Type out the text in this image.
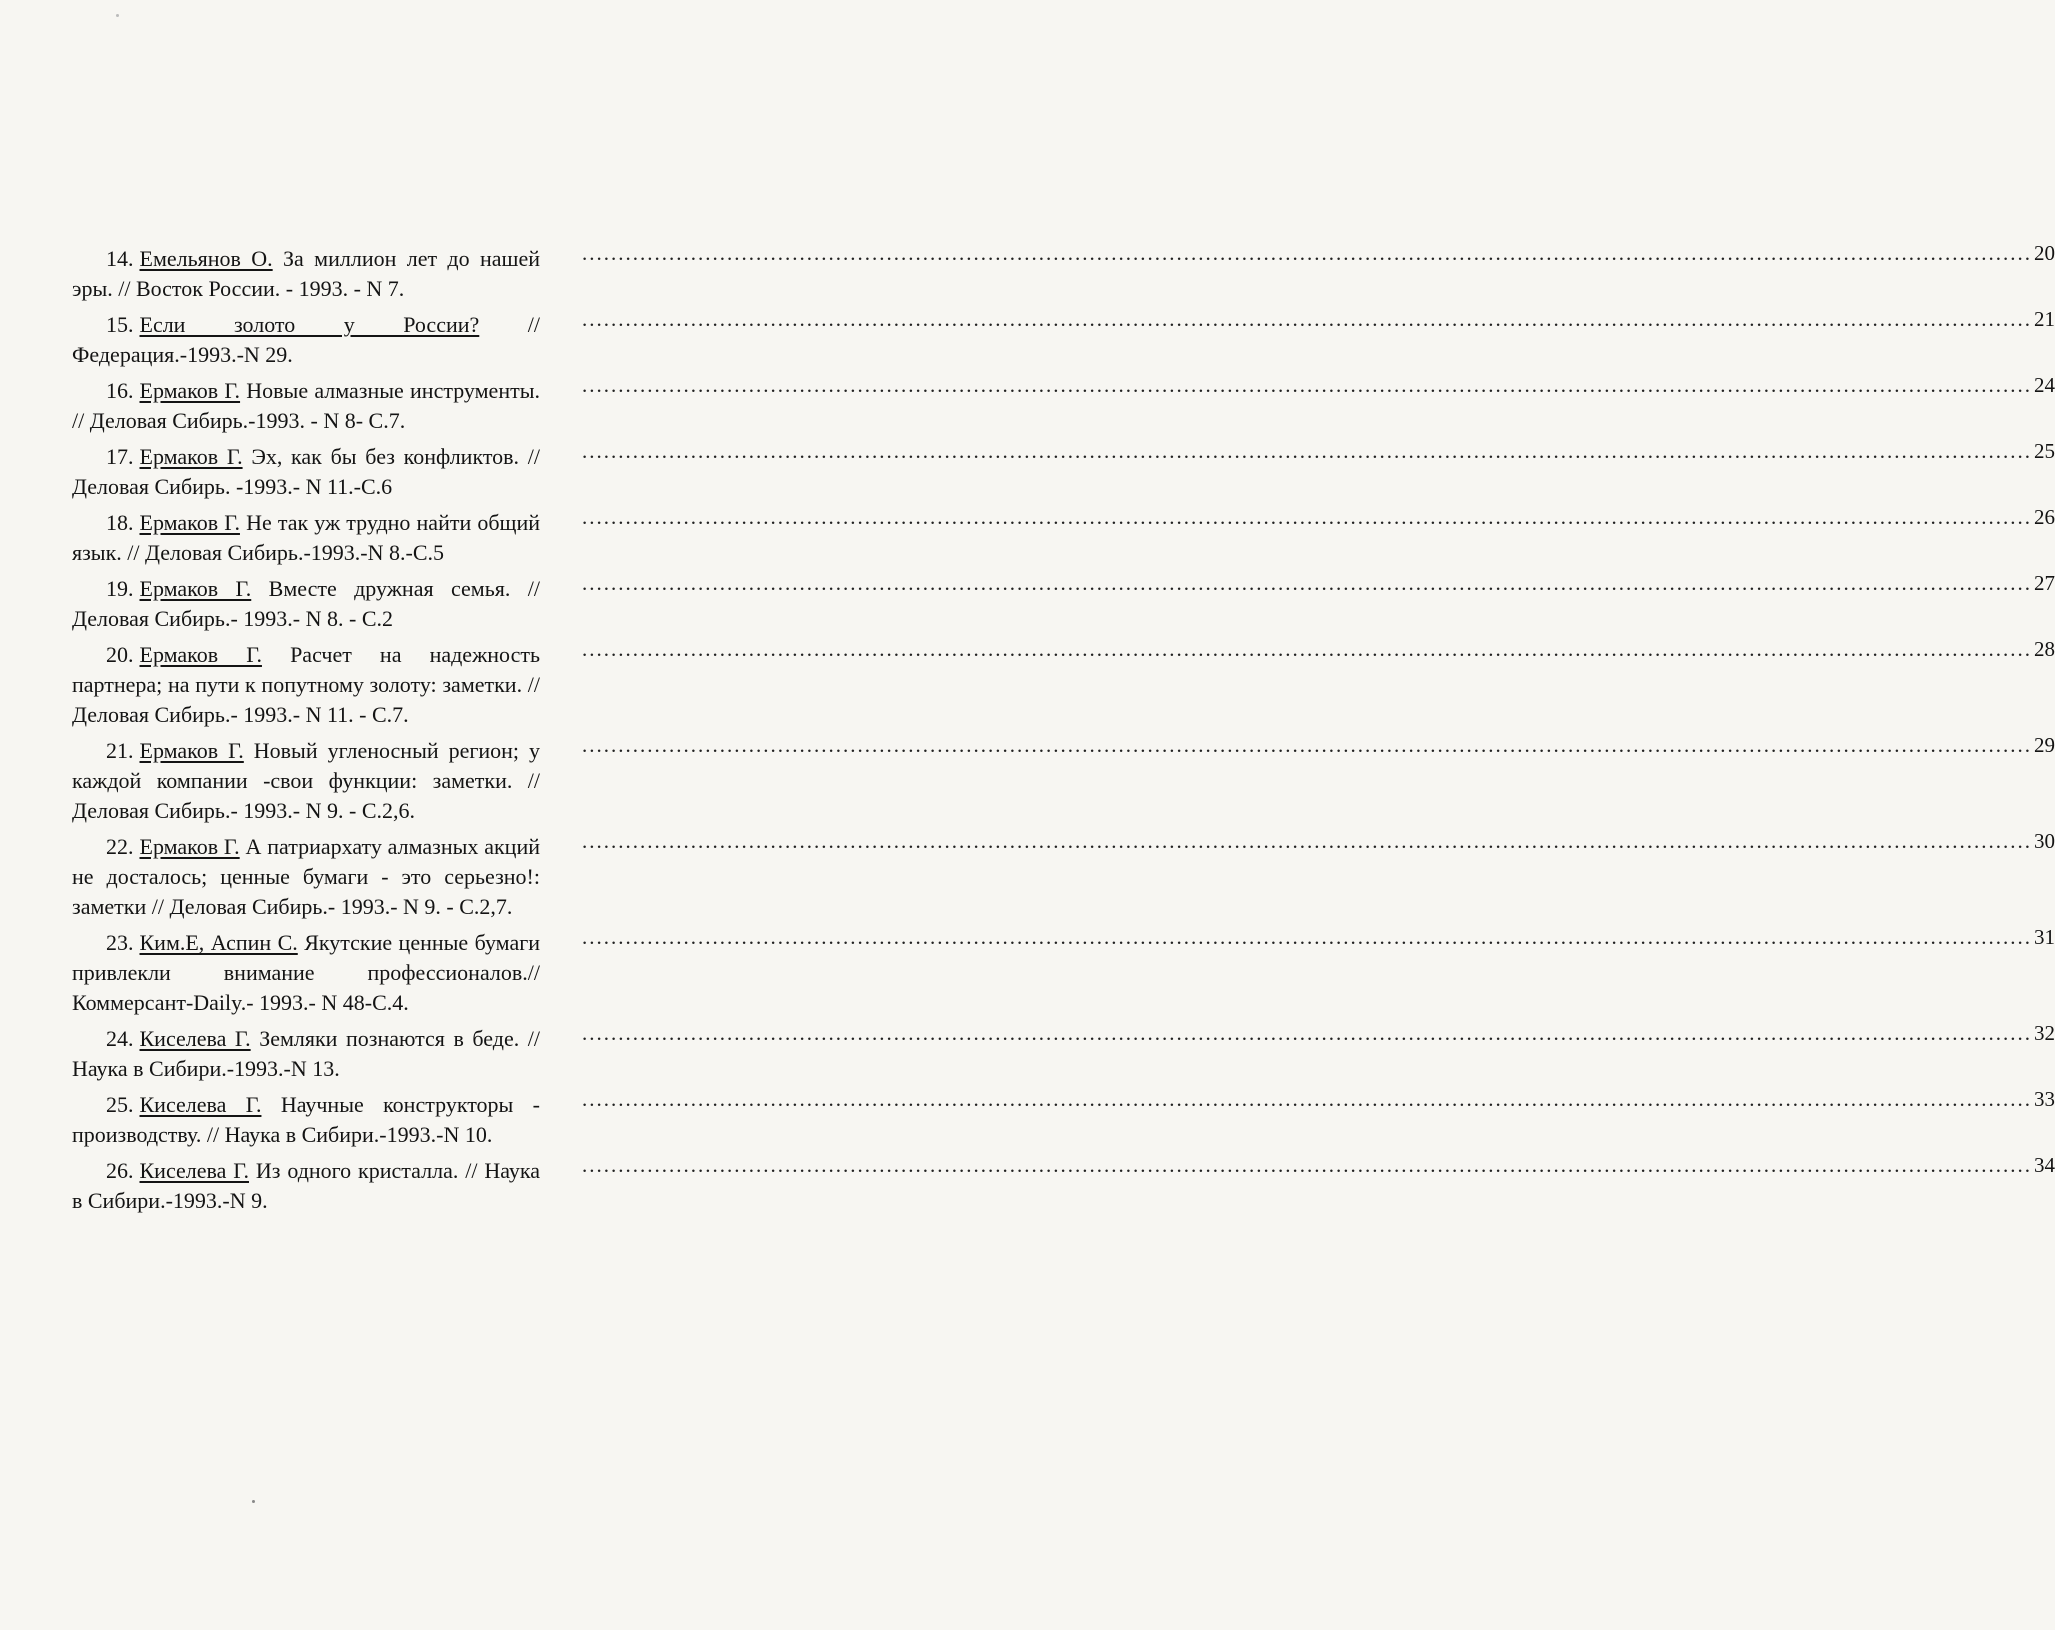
14. Емельянов О. За миллион лет до нашей эры. // Восток России. - 1993. - N 7.
........................................................................................................................................................................................................ 20
15. Если золото у России? // Федерация.-1993.-N 29.
........................................................................................................................................................................................................ 21
16. Ермаков Г. Новые алмазные инструменты. // Деловая Сибирь.-1993. - N 8- С.7.
........................................................................................................................................................................................................ 24
17. Ермаков Г. Эх, как бы без конфликтов. // Деловая Сибирь. -1993.- N 11.-С.6
........................................................................................................................................................................................................ 25
18. Ермаков Г. Не так уж трудно найти общий язык. // Деловая Сибирь.-1993.-N 8.-С.5
........................................................................................................................................................................................................ 26
19. Ермаков Г. Вместе дружная семья. // Деловая Сибирь.- 1993.- N 8. - С.2
........................................................................................................................................................................................................ 27
20. Ермаков Г. Расчет на надежность партнера; на пути к попутному золоту: заметки. // Деловая Сибирь.- 1993.- N 11. - С.7.
........................................................................................................................................................................................................ 28
21. Ермаков Г. Новый угленосный регион; у каждой компании -свои функции: заметки. // Деловая Сибирь.- 1993.- N 9. - С.2,6.
........................................................................................................................................................................................................ 29
22. Ермаков Г. А патриархату алмазных акций не досталось; ценные бумаги - это серьезно!: заметки // Деловая Сибирь.- 1993.- N 9. - С.2,7.
........................................................................................................................................................................................................ 30
23. Ким.Е, Аспин С. Якутские ценные бумаги привлекли внимание профессионалов.// Коммерсант-Daily.- 1993.- N 48-С.4.
........................................................................................................................................................................................................ 31
24. Киселева Г. Земляки познаются в беде. // Наука в Сибири.-1993.-N 13.
........................................................................................................................................................................................................ 32
25. Киселева Г. Научные конструкторы - производству. // Наука в Сибири.-1993.-N 10.
........................................................................................................................................................................................................ 33
26. Киселева Г. Из одного кристалла. // Наука в Сибири.-1993.-N 9.
........................................................................................................................................................................................................ 34
